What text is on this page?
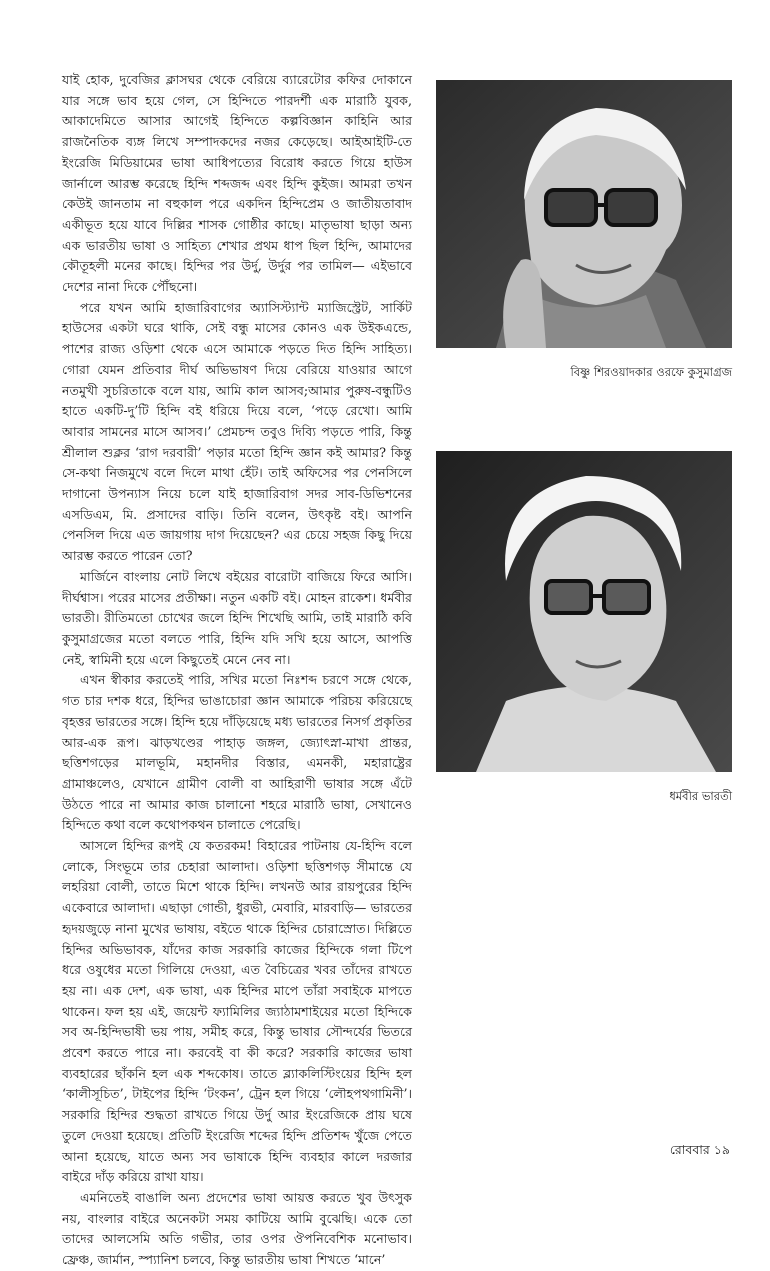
যাই হোক, দুবেজির ক্লাসঘর থেকে বেরিয়ে ব্যারেটোর কফির দোকানে যার সঙ্গে ভাব হয়ে গেল, সে হিন্দিতে পারদর্শী এক মারাঠি যুবক, আকাদেমিতে আসার আগেই হিন্দিতে কল্পবিজ্ঞান কাহিনি আর রাজনৈতিক ব্যঙ্গ লিখে সম্পাদকদের নজর কেড়েছে। আইআইটি-তে ইংরেজি মিডিয়ামের ভাষা আধিপত্যের বিরোধ করতে গিয়ে হাউস জার্নালে আরম্ভ করেছে হিন্দি শব্দজব্দ এবং হিন্দি কুইজ। আমরা তখন কেউই জানতাম না বহুকাল পরে একদিন হিন্দিপ্রেম ও জাতীয়তাবাদ একীভূত হয়ে যাবে দিল্লির শাসক গোষ্ঠীর কাছে। মাতৃভাষা ছাড়া অন্য এক ভারতীয় ভাষা ও সাহিত্য শেখার প্রথম ধাপ ছিল হিন্দি, আমাদের কৌতূহলী মনের কাছে। হিন্দির পর উর্দু, উর্দুর পর তামিল— এইভাবে দেশের নানা দিকে পৌঁছনো।

পরে যখন আমি হাজারিবাগের অ্যাসিস্ট্যান্ট ম্যাজিস্ট্রেট, সার্কিট হাউসের একটা ঘরে থাকি, সেই বন্ধু মাসের কোনও এক উইকএন্ডে, পাশের রাজ্য ওড়িশা থেকে এসে আমাকে পড়তে দিত হিন্দি সাহিত্য। গোরা যেমন প্রতিবার দীর্ঘ অভিভাষণ দিয়ে বেরিয়ে যাওয়ার আগে নতমুখী সুচরিতাকে বলে যায়, আমি কাল আসব;আমার পুরুষ-বন্ধুটিও হাতে একটি-দু’টি হিন্দি বই ধরিয়ে দিয়ে বলে, ‘পড়ে রেখো। আমি আবার সামনের মাসে আসব।’ প্রেমচন্দ তবুও দিব্যি পড়তে পারি, কিন্তু শ্রীলাল শুক্লর ‘রাগ দরবারী’ পড়ার মতো হিন্দি জ্ঞান কই আমার? কিন্তু সে-কথা নিজমুখে বলে দিলে মাথা হেঁট। তাই অফিসের পর পেনসিলে দাগানো উপন্যাস নিয়ে চলে যাই হাজারিবাগ সদর সাব-ডিভিশনের এসডিএম, মি. প্রসাদের বাড়ি। তিনি বলেন, উৎকৃষ্ট বই। আপনি পেনসিল দিয়ে এত জায়গায় দাগ দিয়েছেন? এর চেয়ে সহজ কিছু দিয়ে আরম্ভ করতে পারেন তো?

মার্জিনে বাংলায় নোট লিখে বইয়ের বারোটা বাজিয়ে ফিরে আসি। দীর্ঘশ্বাস। পরের মাসের প্রতীক্ষা। নতুন একটি বই। মোহন রাকেশ। ধর্মবীর ভারতী। রীতিমতো চোখের জলে হিন্দি শিখেছি আমি, তাই মারাঠি কবি কুসুমাগ্রজের মতো বলতে পারি, হিন্দি যদি সখি হয়ে আসে, আপত্তি নেই, স্বামিনী হয়ে এলে কিছুতেই মেনে নেব না।

এখন স্বীকার করতেই পারি, সখির মতো নিঃশব্দ চরণে সঙ্গে থেকে, গত চার দশক ধরে, হিন্দির ভাঙাচোরা জ্ঞান আমাকে পরিচয় করিয়েছে বৃহত্তর ভারতের সঙ্গে। হিন্দি হয়ে দাঁড়িয়েছে মধ্য ভারতের নিসর্গ প্রকৃতির আর-এক রূপ। ঝাড়খণ্ডের পাহাড় জঙ্গল, জ্যোৎস্না-মাখা প্রান্তর, ছত্তিশগড়ের মালভূমি, মহানদীর বিস্তার, এমনকী, মহারাষ্ট্রের গ্রামাঞ্চলেও, যেখানে গ্রামীণ বোলী বা আহিরাণী ভাষার সঙ্গে এঁটে উঠতে পারে না আমার কাজ চালানো শহরে মারাঠি ভাষা, সেখানেও হিন্দিতে কথা বলে কথোপকথন চালাতে পেরেছি।

আসলে হিন্দির রূপই যে কতরকম! বিহারের পাটনায় যে-হিন্দি বলে লোকে, সিংভূমে তার চেহারা আলাদা। ওড়িশা ছত্তিশগড় সীমান্তে যে লহরিয়া বোলী, তাতে মিশে থাকে হিন্দি। লখনউ আর রায়পুরের হিন্দি একেবারে আলাদা। এছাড়া গোন্ডী, ধুরভী, মেবারি, মারবাড়ি— ভারতের হৃদয়জুড়ে নানা মুখের ভাষায়, বইতে থাকে হিন্দির চোরাস্রোত। দিল্লিতে হিন্দির অভিভাবক, যাঁদের কাজ সরকারি কাজের হিন্দিকে গলা টিপে ধরে ওষুধের মতো গিলিয়ে দেওয়া, এত বৈচিত্রের খবর তাঁদের রাখতে হয় না। এক দেশ, এক ভাষা, এক হিন্দির মাপে তাঁরা সবাইকে মাপতে থাকেন। ফল হয় এই, জয়েন্ট ফ্যামিলির জ্যাঠামশাইয়ের মতো হিন্দিকে সব অ-হিন্দিভাষী ভয় পায়, সমীহ করে, কিন্তু ভাষার সৌন্দর্যের ভিতরে প্রবেশ করতে পারে না। করবেই বা কী করে? সরকারি কাজের ভাষা ব্যবহারের ছাঁকনি হল এক শব্দকোষ। তাতে ব্ল্যাকলিস্টিংয়ের হিন্দি হল ‘কালীসূচিত’, টাইপের হিন্দি ‘টংকন’, ট্রেন হল গিয়ে ‘লৌহপথগামিনী’। সরকারি হিন্দির শুদ্ধতা রাখতে গিয়ে উর্দু আর ইংরেজিকে প্রায় ঘষে তুলে দেওয়া হয়েছে। প্রতিটি ইংরেজি শব্দের হিন্দি প্রতিশব্দ খুঁজে পেতে আনা হয়েছে, যাতে অন্য সব ভাষাকে হিন্দি ব্যবহার কালে দরজার বাইরে দাঁড় করিয়ে রাখা যায়।

এমনিতেই বাঙালি অন্য প্রদেশের ভাষা আয়ত্ত করতে খুব উৎসুক নয়, বাংলার বাইরে অনেকটা সময় কাটিয়ে আমি বুঝেছি। একে তো তাদের আলসেমি অতি গভীর, তার ওপর ঔপনিবেশিক মনোভাব। ফ্রেঞ্চ, জার্মান, স্প্যানিশ চলবে, কিন্তু ভারতীয় ভাষা শিখতে ‘মানে’

বিষ্ণু শিরওয়াদকার ওরফে কুসুমাগ্রজ
ধর্মবীর ভারতী
রোববার ১৯
